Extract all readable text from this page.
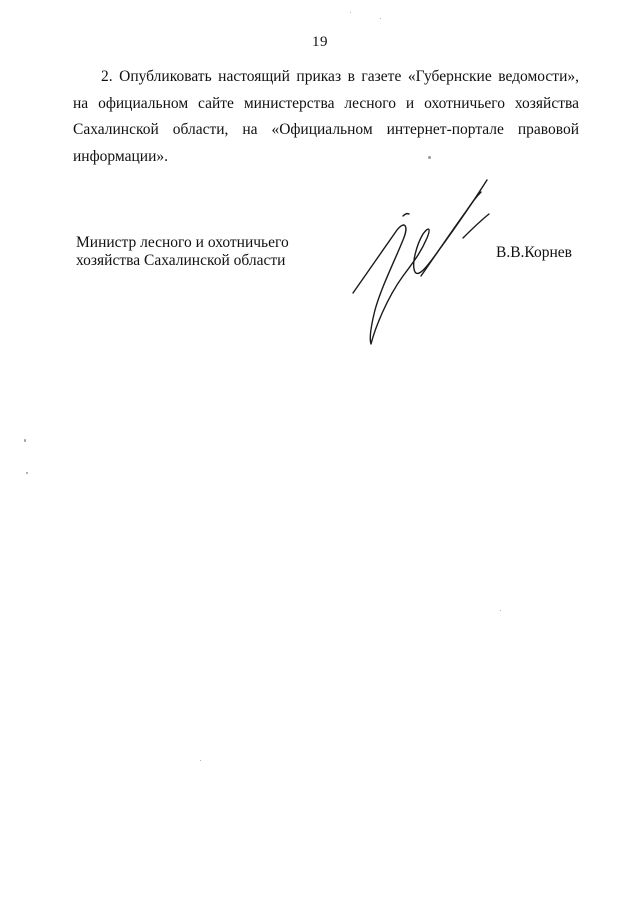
19

2. Опубликовать настоящий приказ в газете «Губернские ведомости», на официальном сайте министерства лесного и охотничьего хозяйства Сахалинской области, на «Официальном интернет-портале правовой информации».

Министр лесного и охотничьего
хозяйства Сахалинской области	В.В.Корнев
